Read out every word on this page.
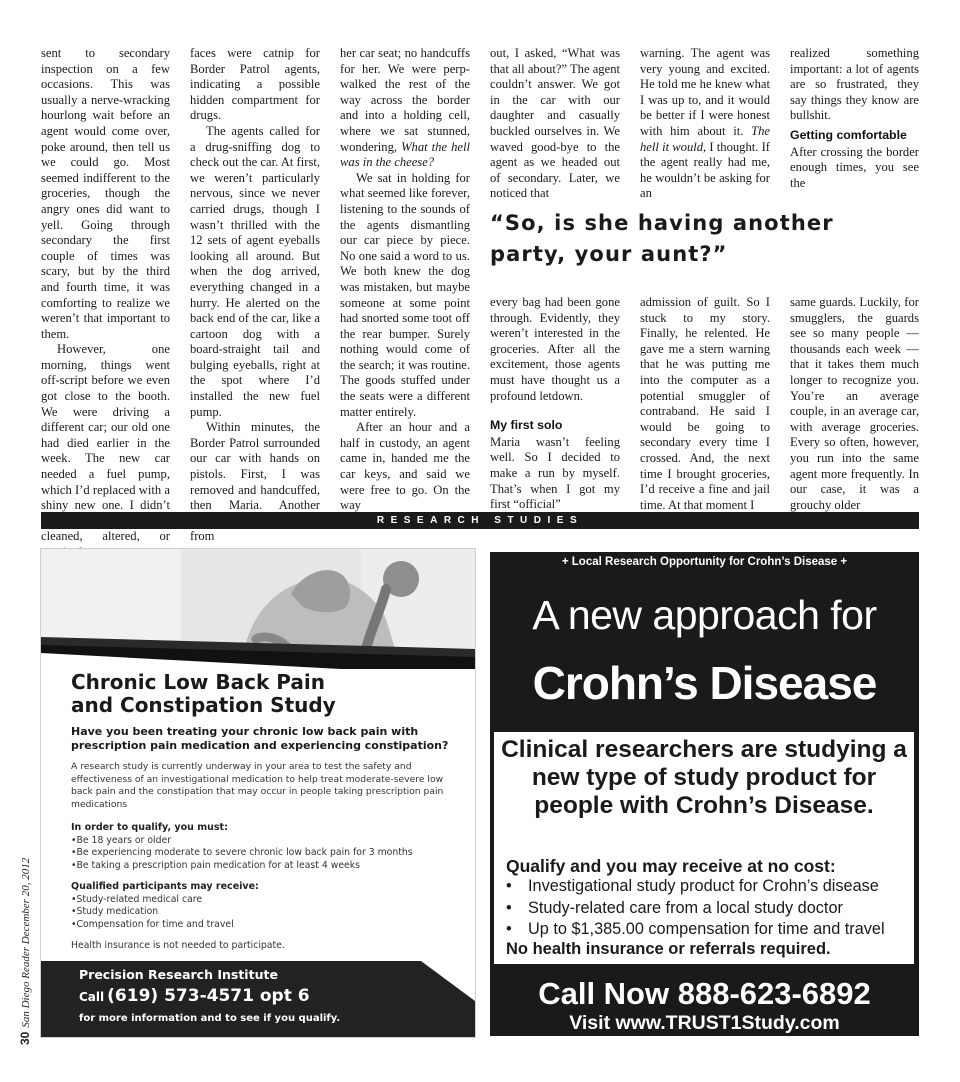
sent to secondary inspection on a few occasions. This was usually a nerve-wracking hourlong wait before an agent would come over, poke around, then tell us we could go. Most seemed indifferent to the groceries, though the angry ones did want to yell. Going through secondary the first couple of times was scary, but by the third and fourth time, it was comforting to realize we weren’t that important to them.

However, one morning, things went off-script before we even got close to the booth. We were driving a different car; our old one had died earlier in the week. The new car needed a fuel pump, which I’d replaced with a shiny new one. I didn’t cleaned, altered, or

faces were catnip for Border Patrol agents, indicating a possible hidden compartment for drugs.

The agents called for a drug-sniffing dog to check out the car. At first, we weren’t particularly nervous, since we never carried drugs, though I wasn’t thrilled with the 12 sets of agent eyeballs looking all around. But when the dog arrived, everything changed in a hurry. He alerted on the back end of the car, like a cartoon dog with a board-straight tail and bulging eyeballs, right at the spot where I’d installed the new fuel pump.

Within minutes, the Border Patrol surrounded our car with hands on pistols. First, I was removed and handcuffed, then Maria. Another from

her car seat; no handcuffs for her. We were perp-walked the rest of the way across the border and into a holding cell, where we sat stunned, wondering, What the hell was in the cheese?

We sat in holding for what seemed like forever, listening to the sounds of the agents dismantling our car piece by piece. No one said a word to us. We both knew the dog was mistaken, but maybe someone at some point had snorted some toot off the rear bumper. Surely nothing would come of the search; it was routine. The goods stuffed under the seats were a different matter entirely.

After an hour and a half in custody, an agent came in, handed me the car keys, and said we were free to go. On the way

out, I asked, “What was that all about?” The agent couldn’t answer. We got in the car with our daughter and casually buckled ourselves in. We waved good-bye to the agent as we headed out of secondary. Later, we noticed that

warning. The agent was very young and excited. He told me he knew what I was up to, and it would be better if I were honest with him about it. The hell it would, I thought. If the agent really had me, he wouldn’t be asking for an

realized something important: a lot of agents are so frustrated, they say things they know are bullshit.

Getting comfortable

After crossing the border enough times, you see the

“So, is she having another party, your aunt?”

every bag had been gone through. Evidently, they weren’t interested in the groceries. After all the excitement, those agents must have thought us a profound letdown.

My first solo

Maria wasn’t feeling well. So I decided to make a run by myself. That’s when I got my first “official”

admission of guilt. So I stuck to my story. Finally, he relented. He gave me a stern warning that he was putting me into the computer as a potential smuggler of contraband. He said I would be going to secondary every time I crossed. And, the next time I brought groceries, I’d receive a fine and jail time. At that moment I

same guards. Luckily, for smugglers, the guards see so many people — thousands each week — that it takes them much longer to recognize you. You’re an average couple, in an average car, with average groceries. Every so often, however, you run into the same agent more frequently. In our case, it was a grouchy older

RESEARCH STUDIES
30San Diego Reader December 20, 2012
Chronic Low Back Pain
and Constipation Study
Have you been treating your chronic low back pain with prescription pain medication and experiencing constipation?
A research study is currently underway in your area to test the safety and effectiveness of an investigational medication to help treat moderate-severe low back pain and the constipation that may occur in people taking prescription pain medications
In order to qualify, you must:
• Be 18 years or older
• Be experiencing moderate to severe chronic low back pain for 3 months
• Be taking a prescription pain medication for at least 4 weeks
Qualified participants may receive:
• Study-related medical care
• Study medication
• Compensation for time and travel
Health insurance is not needed to participate.
Precision Research Institute
Call (619) 573-4571 opt 6
for more information and to see if you qualify.
+ Local Research Opportunity for Crohn’s Disease +
A new approach for
Crohn’s Disease
Clinical researchers are studying a new type of study product for people with Crohn’s Disease.
Qualify and you may receive at no cost:
• Investigational study product for Crohn’s disease
• Study-related care from a local study doctor
• Up to $1,385.00 compensation for time and travel
No health insurance or referrals required.
Call Now 888-623-6892
Visit www.TRUST1Study.com
